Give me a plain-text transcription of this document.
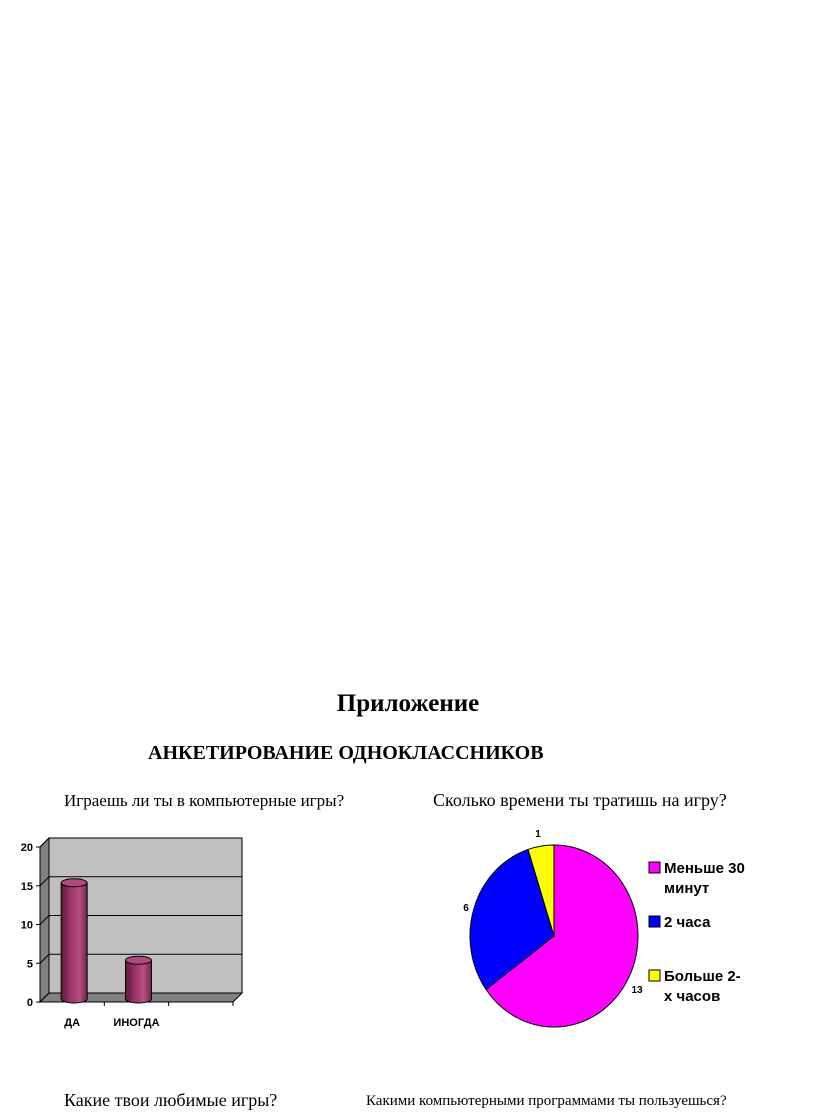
Приложение
АНКЕТИРОВАНИЕ ОДНОКЛАССНИКОВ
Играешь ли ты в компьютерные игры?	Сколько времени ты тратишь на игру?
Какие твои любимые игры?	Какими компьютерными программами ты пользуешься?
0
5
10
15
20
ДА	ИНОГДА
13
6
1
Меньше 30
минут
2 часа
Больше 2-
х часов
